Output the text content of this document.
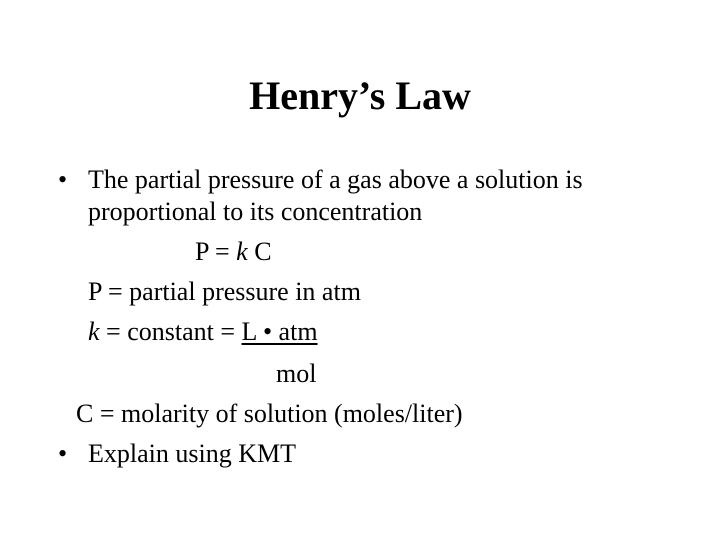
Henry’s Law
• The partial pressure of a gas above a solution is

proportional to its concentration

P = k C

P = partial pressure in atm

k = constant = L • atm

mol

C = molarity of solution (moles/liter)

• Explain using KMT
